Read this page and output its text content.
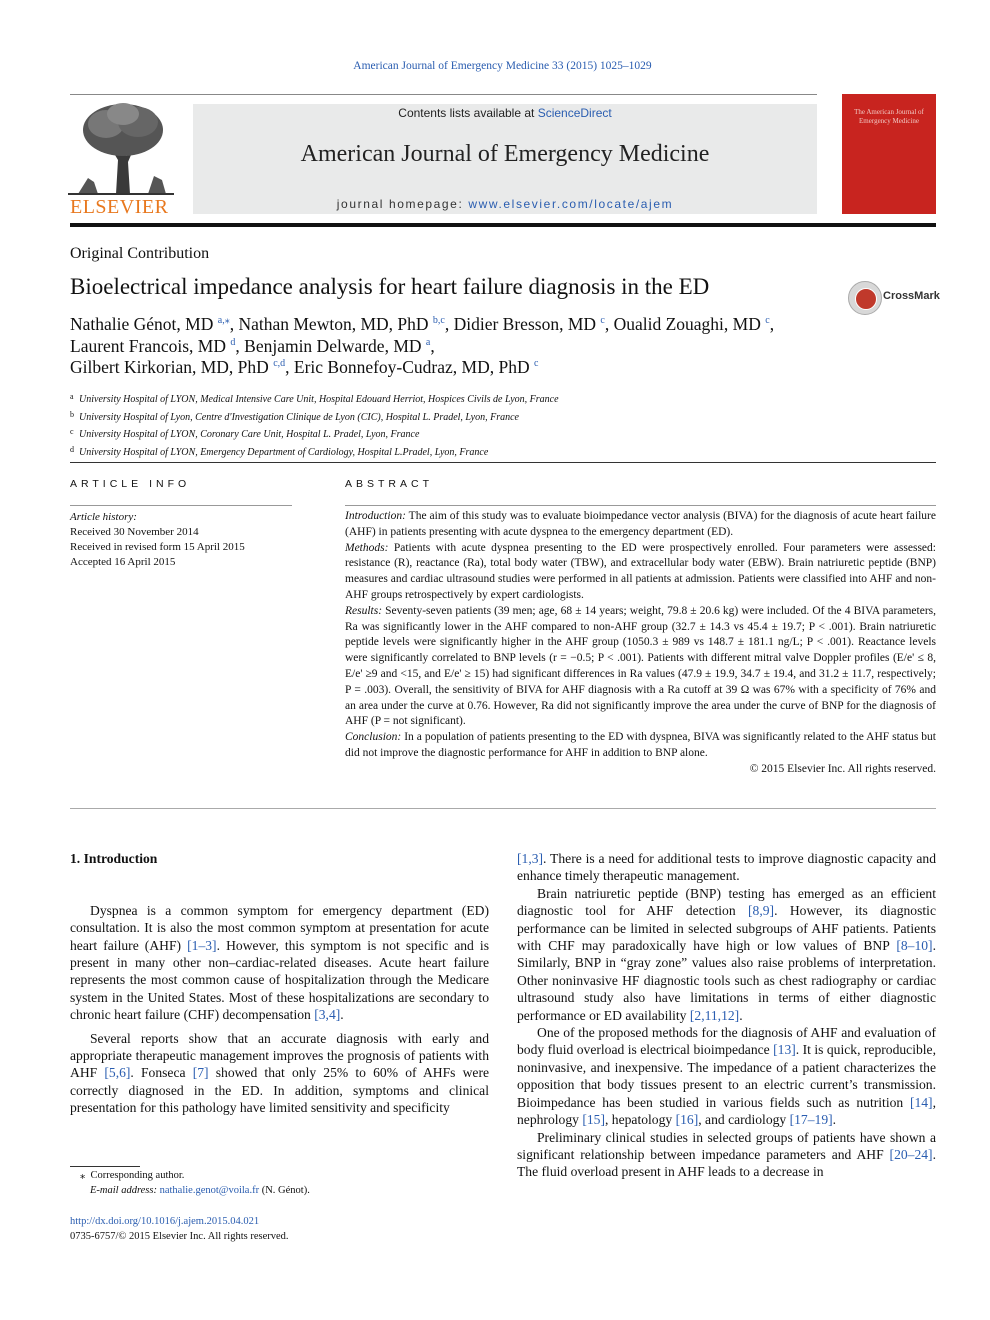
American Journal of Emergency Medicine 33 (2015) 1025–1029
ELSEVIER
Contents lists available at ScienceDirect
American Journal of Emergency Medicine
journal homepage: www.elsevier.com/locate/ajem
The American Journal of Emergency Medicine
Original Contribution
Bioelectrical impedance analysis for heart failure diagnosis in the ED	CrossMark
Nathalie Génot, MD $^{a,⁎}$, Nathan Mewton, MD, PhD $^{b,c}$, Didier Bresson, MD $^c$, Oualid Zouaghi, MD $^c$,
Laurent Francois, MD $^d$, Benjamin Delwarde, MD $^a$,
Gilbert Kirkorian, MD, PhD $^{c,d}$, Eric Bonnefoy-Cudraz, MD, PhD $^c$
a University Hospital of LYON, Medical Intensive Care Unit, Hospital Edouard Herriot, Hospices Civils de Lyon, France
b University Hospital of Lyon, Centre d'Investigation Clinique de Lyon (CIC), Hospital L. Pradel, Lyon, France
c University Hospital of LYON, Coronary Care Unit, Hospital L. Pradel, Lyon, France
d University Hospital of LYON, Emergency Department of Cardiology, Hospital L.Pradel, Lyon, France
ARTICLE INFO
Article history:
Received 30 November 2014
Received in revised form 15 April 2015
Accepted 16 April 2015
ABSTRACT

Introduction: The aim of this study was to evaluate bioimpedance vector analysis (BIVA) for the diagnosis of acute heart failure (AHF) in patients presenting with acute dyspnea to the emergency department (ED).

Methods: Patients with acute dyspnea presenting to the ED were prospectively enrolled. Four parameters were assessed: resistance (R), reactance (Ra), total body water (TBW), and extracellular body water (EBW). Brain natriuretic peptide (BNP) measures and cardiac ultrasound studies were performed in all patients at admission. Patients were classified into AHF and non-AHF groups retrospectively by expert cardiologists.

Results: Seventy-seven patients (39 men; age, 68 ± 14 years; weight, 79.8 ± 20.6 kg) were included. Of the 4 BIVA parameters, Ra was significantly lower in the AHF compared to non-AHF group (32.7 ± 14.3 vs 45.4 ± 19.7; P < .001). Brain natriuretic peptide levels were significantly higher in the AHF group (1050.3 ± 989 vs 148.7 ± 181.1 ng/L; P < .001). Reactance levels were significantly correlated to BNP levels (r = −0.5; P < .001). Patients with different mitral valve Doppler profiles (E/e' ≤ 8, E/e' ≥9 and <15, and E/e' ≥ 15) had significant differences in Ra values (47.9 ± 19.9, 34.7 ± 19.4, and 31.2 ± 11.7, respectively; P = .003). Overall, the sensitivity of BIVA for AHF diagnosis with a Ra cutoff at 39 Ω was 67% with a specificity of 76% and an area under the curve at 0.76. However, Ra did not significantly improve the area under the curve of BNP for the diagnosis of AHF (P = not significant).

Conclusion: In a population of patients presenting to the ED with dyspnea, BIVA was significantly related to the AHF status but did not improve the diagnostic performance for AHF in addition to BNP alone.

© 2015 Elsevier Inc. All rights reserved.

1. Introduction

Dyspnea is a common symptom for emergency department (ED) consultation. It is also the most common symptom at presentation for acute heart failure (AHF) [1–3]. However, this symptom is not specific and is present in many other non–cardiac-related diseases. Acute heart failure represents the most common cause of hospitalization through the Medicare system in the United States. Most of these hospitalizations are secondary to chronic heart failure (CHF) decompensation [3,4].

Several reports show that an accurate diagnosis with early and appropriate therapeutic management improves the prognosis of patients with AHF [5,6]. Fonseca [7] showed that only 25% to 60% of AHFs were correctly diagnosed in the ED. In addition, symptoms and clinical presentation for this pathology have limited sensitivity and specificity

[1,3]. There is a need for additional tests to improve diagnostic capacity and enhance timely therapeutic management.

Brain natriuretic peptide (BNP) testing has emerged as an efficient diagnostic tool for AHF detection [8,9]. However, its diagnostic performance can be limited in selected subgroups of AHF patients. Patients with CHF may paradoxically have high or low values of BNP [8–10]. Similarly, BNP in “gray zone” values also raise problems of interpretation. Other noninvasive HF diagnostic tools such as chest radiography or cardiac ultrasound study also have limitations in terms of either diagnostic performance or ED availability [2,11,12].

One of the proposed methods for the diagnosis of AHF and evaluation of body fluid overload is electrical bioimpedance [13]. It is quick, reproducible, noninvasive, and inexpensive. The impedance of a patient characterizes the opposition that body tissues present to an electric current’s transmission. Bioimpedance has been studied in various fields such as nutrition [14], nephrology [15], hepatology [16], and cardiology [17–19].

Preliminary clinical studies in selected groups of patients have shown a significant relationship between impedance parameters and AHF [20–24]. The fluid overload present in AHF leads to a decrease in

⁎ Corresponding author.
E-mail address: nathalie.genot@voila.fr (N. Génot).
http://dx.doi.org/10.1016/j.ajem.2015.04.021
0735-6757/© 2015 Elsevier Inc. All rights reserved.
